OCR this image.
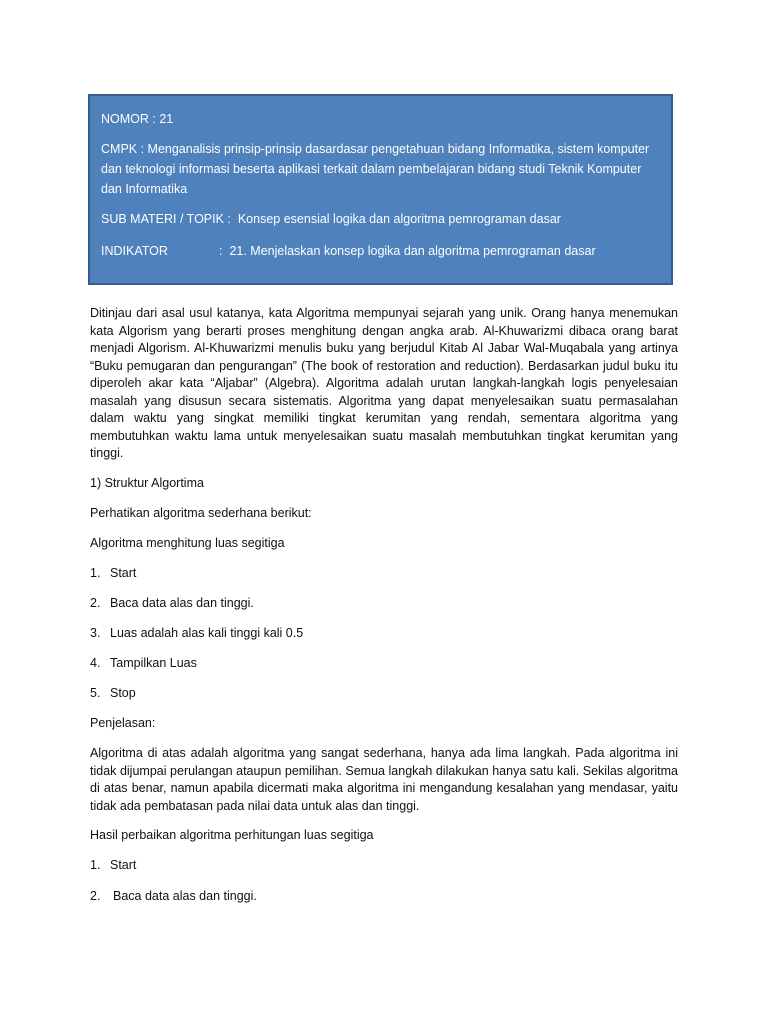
NOMOR : 21
CMPK : Menganalisis prinsip-prinsip dasardasar pengetahuan bidang Informatika, sistem komputer dan teknologi informasi beserta aplikasi terkait dalam pembelajaran bidang studi Teknik Komputer dan Informatika
SUB MATERI / TOPIK :
Konsep esensial logika dan algoritma pemrograman dasar
INDIKATOR	:
21. Menjelaskan konsep logika dan algoritma pemrograman dasar

Ditinjau dari asal usul katanya, kata Algoritma mempunyai sejarah yang unik. Orang hanya menemukan kata Algorism yang berarti proses menghitung dengan angka arab. Al-Khuwarizmi dibaca orang barat menjadi Algorism. Al-Khuwarizmi menulis buku yang berjudul Kitab Al Jabar Wal-Muqabala yang artinya “Buku pemugaran dan pengurangan” (The book of restoration and reduction). Berdasarkan judul buku itu diperoleh akar kata “Aljabar” (Algebra). Algoritma adalah urutan langkah-langkah logis penyelesaian masalah yang disusun secara sistematis. Algoritma yang dapat menyelesaikan suatu permasalahan dalam waktu yang singkat memiliki tingkat kerumitan yang rendah, sementara algoritma yang membutuhkan waktu lama untuk menyelesaikan suatu masalah membutuhkan tingkat kerumitan yang tinggi.

1) Struktur Algortima
Perhatikan algoritma sederhana berikut:
Algoritma menghitung luas segitiga
1. Start
2. Baca data alas dan tinggi.
3. Luas adalah alas kali tinggi kali 0.5
4. Tampilkan Luas
5. Stop
Penjelasan:

Algoritma di atas adalah algoritma yang sangat sederhana, hanya ada lima langkah. Pada algoritma ini tidak dijumpai perulangan ataupun pemilihan. Semua langkah dilakukan hanya satu kali. Sekilas algoritma di atas benar, namun apabila dicermati maka algoritma ini mengandung kesalahan yang mendasar, yaitu tidak ada pembatasan pada nilai data untuk alas dan tinggi.

Hasil perbaikan algoritma perhitungan luas segitiga
1. Start
2.	Baca data alas dan tinggi.
